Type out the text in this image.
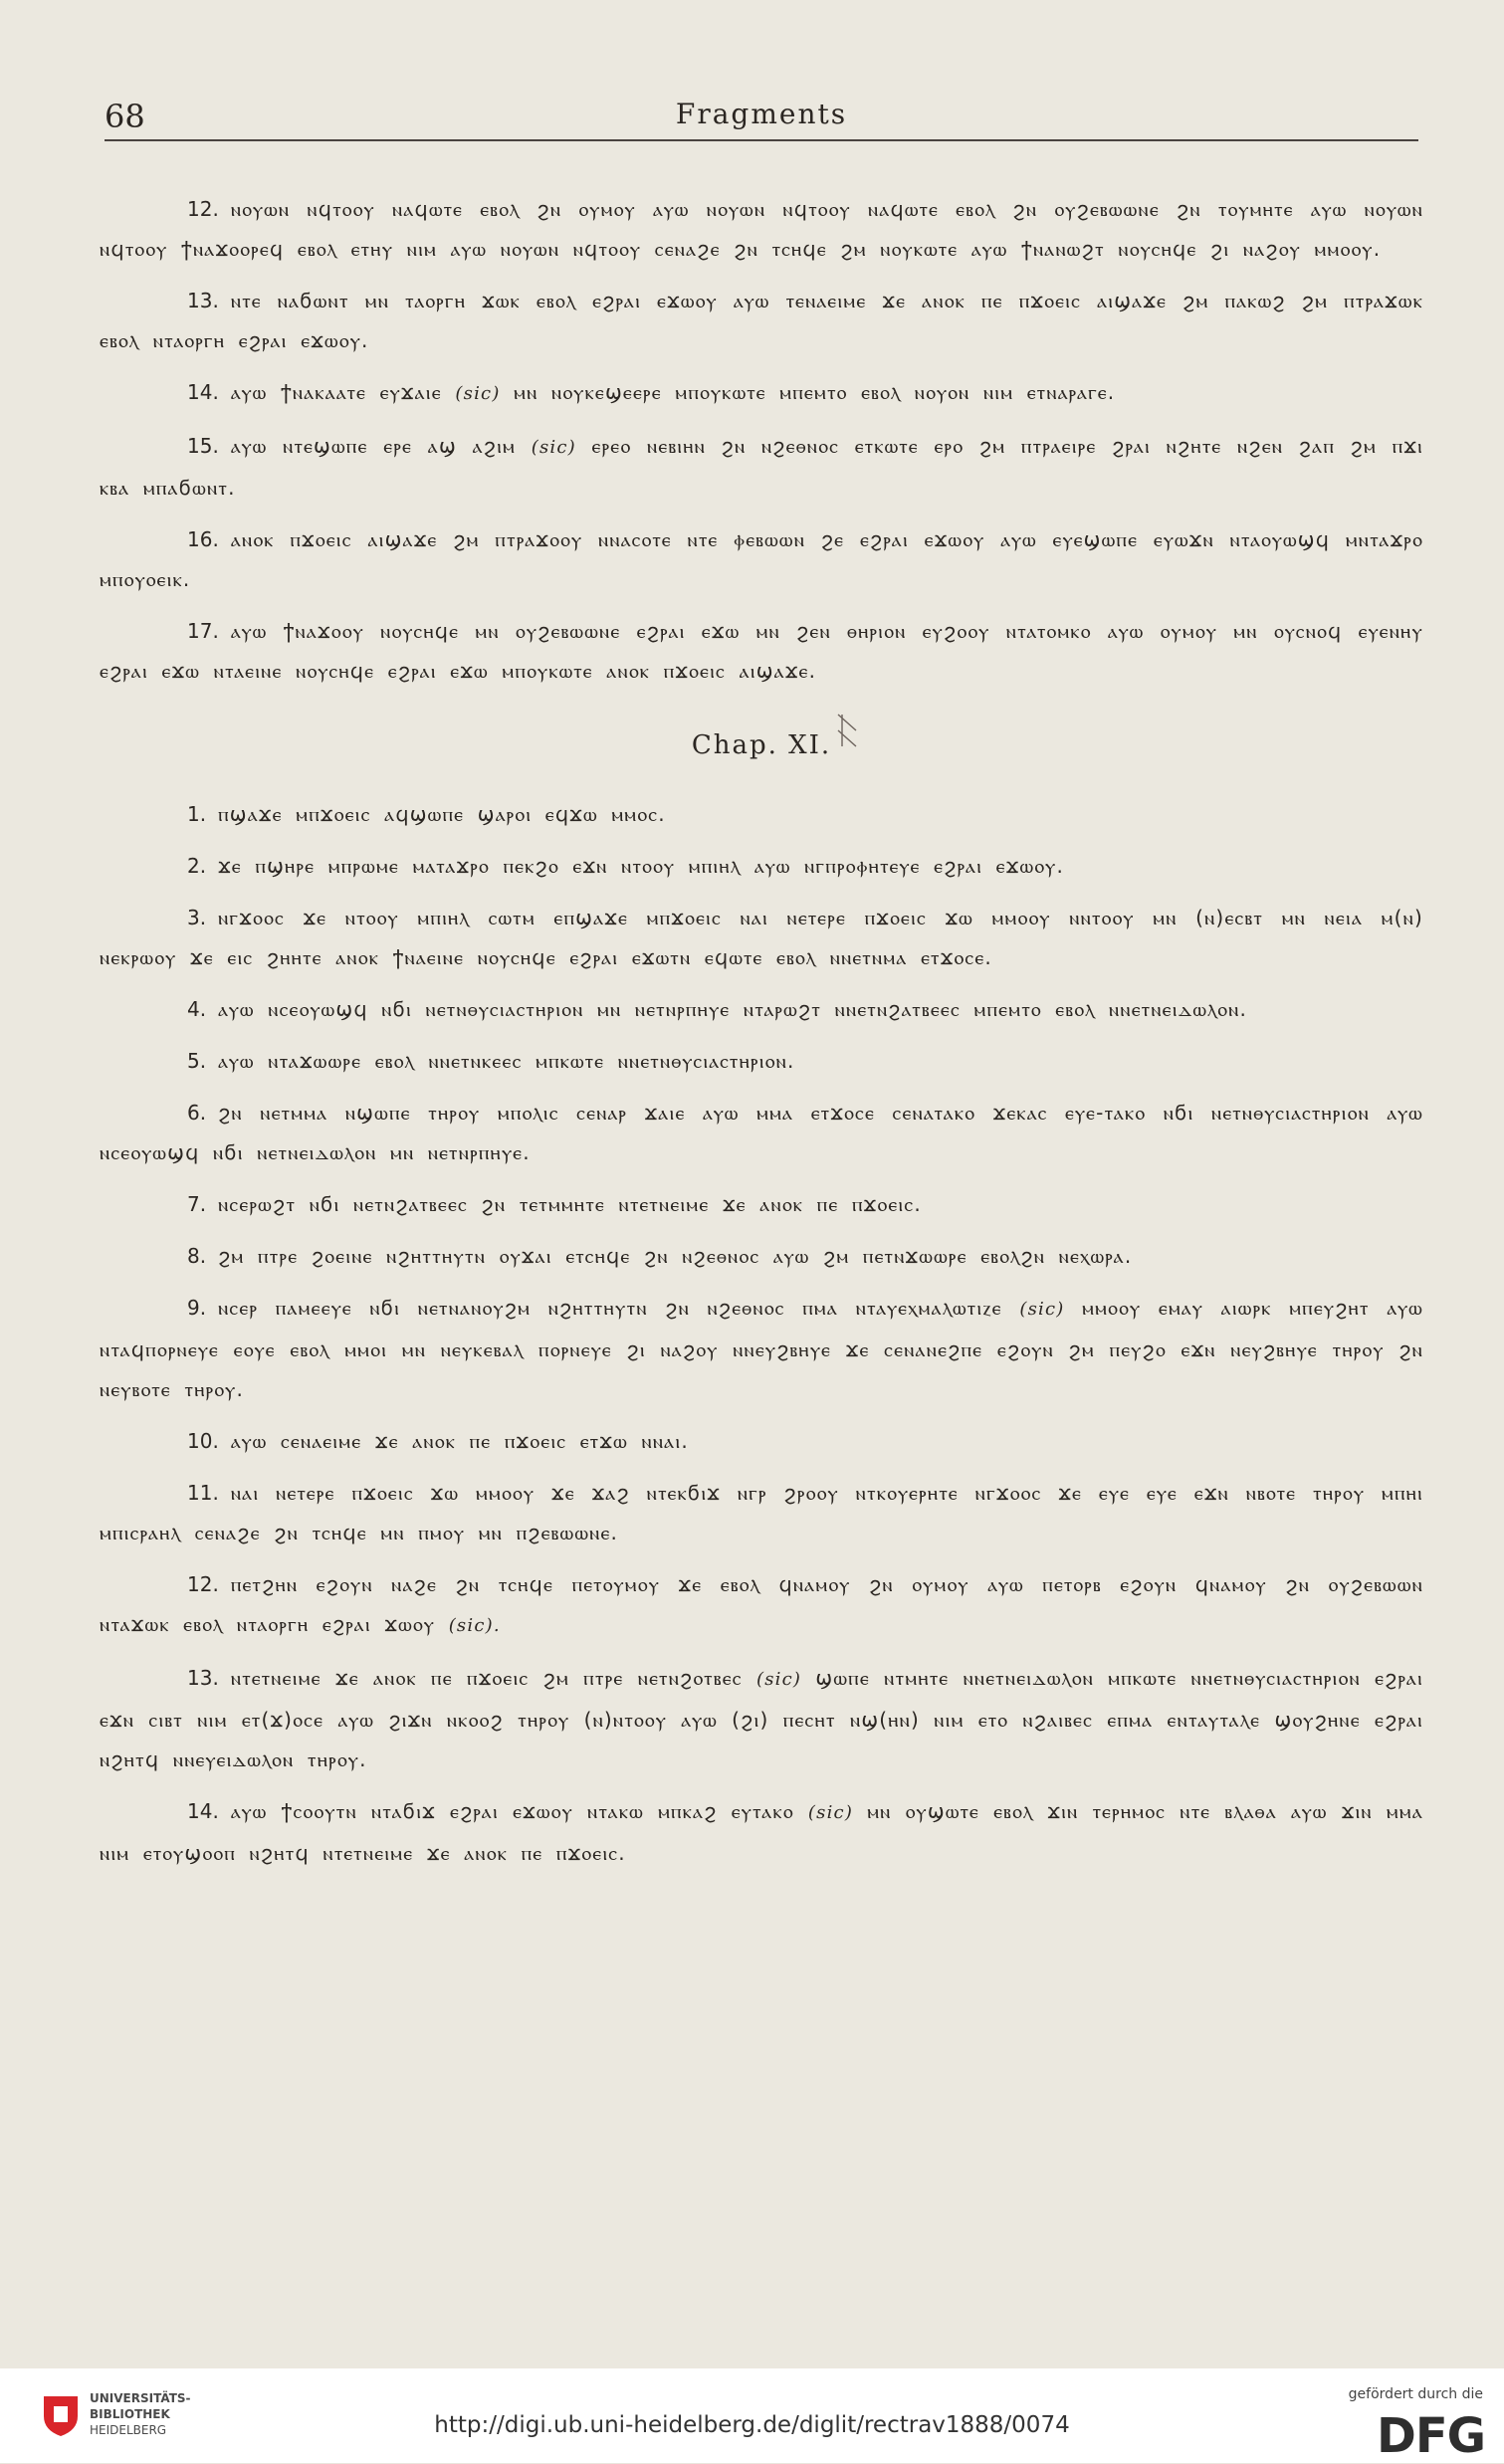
68	Fragments

12. ⲛⲟⲩⲱⲛ ⲛϥⲧⲟⲟⲩ ⲛⲁϥⲱⲧⲉ ⲉⲃⲟⲗ ϩⲛ ⲟⲩⲙⲟⲩ ⲁⲩⲱ ⲛⲟⲩⲱⲛ ⲛϥⲧⲟⲟⲩ ⲛⲁϥⲱⲧⲉ ⲉⲃⲟⲗ ϩⲛ ⲟⲩϩⲉⲃⲱⲱⲛⲉ ϩⲛ ⲧⲟⲩⲙⲏⲧⲉ ⲁⲩⲱ ⲛⲟⲩⲱⲛ ⲛϥⲧⲟⲟⲩ ϯⲛⲁϫⲟⲟⲣⲉϥ ⲉⲃⲟⲗ ⲉⲧⲏⲩ ⲛⲓⲙ ⲁⲩⲱ ⲛⲟⲩⲱⲛ ⲛϥⲧⲟⲟⲩ ⲥⲉⲛⲁϩⲉ ϩⲛ ⲧⲥⲏϥⲉ ϩⲙ ⲛⲟⲩⲕⲱⲧⲉ ⲁⲩⲱ ϯⲛⲁⲛⲱϩⲧ ⲛⲟⲩⲥⲏϥⲉ ϩⲓ ⲛⲁϩⲟⲩ ⲙⲙⲟⲟⲩ.

13. ⲛⲧⲉ ⲛⲁϭⲱⲛⲧ ⲙⲛ ⲧⲁⲟⲣⲅⲏ ϫⲱⲕ ⲉⲃⲟⲗ ⲉϩⲣⲁⲓ ⲉϫⲱⲟⲩ ⲁⲩⲱ ⲧⲉⲛⲁⲉⲓⲙⲉ ϫⲉ ⲁⲛⲟⲕ ⲡⲉ ⲡϫⲟⲉⲓⲥ ⲁⲓϣⲁϫⲉ ϩⲙ ⲡⲁⲕⲱϩ ϩⲙ ⲡⲧⲣⲁϫⲱⲕ ⲉⲃⲟⲗ ⲛⲧⲁⲟⲣⲅⲏ ⲉϩⲣⲁⲓ ⲉϫⲱⲟⲩ.

14. ⲁⲩⲱ ϯⲛⲁⲕⲁⲁⲧⲉ ⲉⲩϫⲁⲓⲉ (sic) ⲙⲛ ⲛⲟⲩⲕⲉϣⲉⲉⲣⲉ ⲙⲡⲟⲩⲕⲱⲧⲉ ⲙⲡⲉⲙⲧⲟ ⲉⲃⲟⲗ ⲛⲟⲩⲟⲛ ⲛⲓⲙ ⲉⲧⲛⲁⲣⲁⲅⲉ.

15. ⲁⲩⲱ ⲛⲧⲉϣⲱⲡⲉ ⲉⲣⲉ ⲁϣ ⲁϩⲓⲙ (sic) ⲉⲣⲉⲟ ⲛⲉⲃⲓⲏⲛ ϩⲛ ⲛϩⲉⲑⲛⲟⲥ ⲉⲧⲕⲱⲧⲉ ⲉⲣⲟ ϩⲙ ⲡⲧⲣⲁⲉⲓⲣⲉ ϩⲣⲁⲓ ⲛϩⲏⲧⲉ ⲛϩⲉⲛ ϩⲁⲡ ϩⲙ ⲡϫⲓ ⲕⲃⲁ ⲙⲡⲁϭⲱⲛⲧ.

16. ⲁⲛⲟⲕ ⲡϫⲟⲉⲓⲥ ⲁⲓϣⲁϫⲉ ϩⲙ ⲡⲧⲣⲁϫⲟⲟⲩ ⲛⲛⲁⲥⲟⲧⲉ ⲛⲧⲉ ⲫⲉⲃⲱⲱⲛ ϩⲉ ⲉϩⲣⲁⲓ ⲉϫⲱⲟⲩ ⲁⲩⲱ ⲉⲩⲉϣⲱⲡⲉ ⲉⲩⲱϫⲛ ⲛⲧⲁⲟⲩⲱϣϥ ⲙⲛⲧⲁϫⲣⲟ ⲙⲡⲟⲩⲟⲉⲓⲕ.

17. ⲁⲩⲱ ϯⲛⲁϫⲟⲟⲩ ⲛⲟⲩⲥⲏϥⲉ ⲙⲛ ⲟⲩϩⲉⲃⲱⲱⲛⲉ ⲉϩⲣⲁⲓ ⲉϫⲱ ⲙⲛ ϩⲉⲛ ⲑⲏⲣⲓⲟⲛ ⲉⲩϩⲟⲟⲩ ⲛⲧⲁⲧⲟⲙⲕⲟ ⲁⲩⲱ ⲟⲩⲙⲟⲩ ⲙⲛ ⲟⲩⲥⲛⲟϥ ⲉⲩⲉⲛⲏⲩ ⲉϩⲣⲁⲓ ⲉϫⲱ ⲛⲧⲁⲉⲓⲛⲉ ⲛⲟⲩⲥⲏϥⲉ ⲉϩⲣⲁⲓ ⲉϫⲱ ⲙⲡⲟⲩⲕⲱⲧⲉ ⲁⲛⲟⲕ ⲡϫⲟⲉⲓⲥ ⲁⲓϣⲁϫⲉ.

Chap. XI.

1. ⲡϣⲁϫⲉ ⲙⲡϫⲟⲉⲓⲥ ⲁϥϣⲱⲡⲉ ϣⲁⲣⲟⲓ ⲉϥϫⲱ ⲙⲙⲟⲥ.

2. ϫⲉ ⲡϣⲏⲣⲉ ⲙⲡⲣⲱⲙⲉ ⲙⲁⲧⲁϫⲣⲟ ⲡⲉⲕϩⲟ ⲉϫⲛ ⲛⲧⲟⲟⲩ ⲙⲡⲓⲏⲗ ⲁⲩⲱ ⲛⲅⲡⲣⲟⲫⲏⲧⲉⲩⲉ ⲉϩⲣⲁⲓ ⲉϫⲱⲟⲩ.

3. ⲛⲅϫⲟⲟⲥ ϫⲉ ⲛⲧⲟⲟⲩ ⲙⲡⲓⲏⲗ ⲥⲱⲧⲙ ⲉⲡϣⲁϫⲉ ⲙⲡϫⲟⲉⲓⲥ ⲛⲁⲓ ⲛⲉⲧⲉⲣⲉ ⲡϫⲟⲉⲓⲥ ϫⲱ ⲙⲙⲟⲟⲩ ⲛⲛⲧⲟⲟⲩ ⲙⲛ (ⲛ)ⲉⲥⲃⲧ ⲙⲛ ⲛⲉⲓⲁ ⲙ(ⲛ) ⲛⲉⲕⲣⲱⲟⲩ ϫⲉ ⲉⲓⲥ ϩⲏⲏⲧⲉ ⲁⲛⲟⲕ ϯⲛⲁⲉⲓⲛⲉ ⲛⲟⲩⲥⲏϥⲉ ⲉϩⲣⲁⲓ ⲉϫⲱⲧⲛ ⲉϥⲱⲧⲉ ⲉⲃⲟⲗ ⲛⲛⲉⲧⲛⲙⲁ ⲉⲧϫⲟⲥⲉ.

4. ⲁⲩⲱ ⲛⲥⲉⲟⲩⲱϣϥ ⲛϭⲓ ⲛⲉⲧⲛⲑⲩⲥⲓⲁⲥⲧⲏⲣⲓⲟⲛ ⲙⲛ ⲛⲉⲧⲛⲣⲡⲏⲩⲉ ⲛⲧⲁⲣⲱϩⲧ ⲛⲛⲉⲧⲛϩⲁⲧⲃⲉⲉⲥ ⲙⲡⲉⲙⲧⲟ ⲉⲃⲟⲗ ⲛⲛⲉⲧⲛⲉⲓⲇⲱⲗⲟⲛ.

5. ⲁⲩⲱ ⲛⲧⲁϫⲱⲱⲣⲉ ⲉⲃⲟⲗ ⲛⲛⲉⲧⲛⲕⲉⲉⲥ ⲙⲡⲕⲱⲧⲉ ⲛⲛⲉⲧⲛⲑⲩⲥⲓⲁⲥⲧⲏⲣⲓⲟⲛ.

6. ϩⲛ ⲛⲉⲧⲙⲙⲁ ⲛϣⲱⲡⲉ ⲧⲏⲣⲟⲩ ⲙⲡⲟⲗⲓⲥ ⲥⲉⲛⲁⲣ ϫⲁⲓⲉ ⲁⲩⲱ ⲙⲙⲁ ⲉⲧϫⲟⲥⲉ ⲥⲉⲛⲁⲧⲁⲕⲟ ϫⲉⲕⲁⲥ ⲉⲩⲉ-ⲧⲁⲕⲟ ⲛϭⲓ ⲛⲉⲧⲛⲑⲩⲥⲓⲁⲥⲧⲏⲣⲓⲟⲛ ⲁⲩⲱ ⲛⲥⲉⲟⲩⲱϣϥ ⲛϭⲓ ⲛⲉⲧⲛⲉⲓⲇⲱⲗⲟⲛ ⲙⲛ ⲛⲉⲧⲛⲣⲡⲏⲩⲉ.

7. ⲛⲥⲉⲣⲱϩⲧ ⲛϭⲓ ⲛⲉⲧⲛϩⲁⲧⲃⲉⲉⲥ ϩⲛ ⲧⲉⲧⲙⲙⲏⲧⲉ ⲛⲧⲉⲧⲛⲉⲓⲙⲉ ϫⲉ ⲁⲛⲟⲕ ⲡⲉ ⲡϫⲟⲉⲓⲥ.

8. ϩⲙ ⲡⲧⲣⲉ ϩⲟⲉⲓⲛⲉ ⲛϩⲏⲧⲧⲏⲩⲧⲛ ⲟⲩϫⲁⲓ ⲉⲧⲥⲏϥⲉ ϩⲛ ⲛϩⲉⲑⲛⲟⲥ ⲁⲩⲱ ϩⲙ ⲡⲉⲧⲛϫⲱⲱⲣⲉ ⲉⲃⲟⲗϩⲛ ⲛⲉⲭⲱⲣⲁ.

9. ⲛⲥⲉⲣ ⲡⲁⲙⲉⲉⲩⲉ ⲛϭⲓ ⲛⲉⲧⲛⲁⲛⲟⲩϩⲙ ⲛϩⲏⲧⲧⲏⲩⲧⲛ ϩⲛ ⲛϩⲉⲑⲛⲟⲥ ⲡⲙⲁ ⲛⲧⲁⲩⲉⲭⲙⲁⲗⲱⲧⲓⲍⲉ (sic) ⲙⲙⲟⲟⲩ ⲉⲙⲁⲩ ⲁⲓⲱⲣⲕ ⲙⲡⲉⲩϩⲏⲧ ⲁⲩⲱ ⲛⲧⲁϥⲡⲟⲣⲛⲉⲩⲉ ⲉⲟⲩⲉ ⲉⲃⲟⲗ ⲙⲙⲟⲓ ⲙⲛ ⲛⲉⲩⲕⲉⲃⲁⲗ ⲡⲟⲣⲛⲉⲩⲉ ϩⲓ ⲛⲁϩⲟⲩ ⲛⲛⲉⲩϩⲃⲏⲩⲉ ϫⲉ ⲥⲉⲛⲁⲛⲉϩⲡⲉ ⲉϩⲟⲩⲛ ϩⲙ ⲡⲉⲩϩⲟ ⲉϫⲛ ⲛⲉⲩϩⲃⲏⲩⲉ ⲧⲏⲣⲟⲩ ϩⲛ ⲛⲉⲩⲃⲟⲧⲉ ⲧⲏⲣⲟⲩ.

10. ⲁⲩⲱ ⲥⲉⲛⲁⲉⲓⲙⲉ ϫⲉ ⲁⲛⲟⲕ ⲡⲉ ⲡϫⲟⲉⲓⲥ ⲉⲧϫⲱ ⲛⲛⲁⲓ.

11. ⲛⲁⲓ ⲛⲉⲧⲉⲣⲉ ⲡϫⲟⲉⲓⲥ ϫⲱ ⲙⲙⲟⲟⲩ ϫⲉ ϫⲁϩ ⲛⲧⲉⲕϭⲓϫ ⲛⲅⲣ ϩⲣⲟⲟⲩ ⲛⲧⲕⲟⲩⲉⲣⲏⲧⲉ ⲛⲅϫⲟⲟⲥ ϫⲉ ⲉⲩⲉ ⲉⲩⲉ ⲉϫⲛ ⲛⲃⲟⲧⲉ ⲧⲏⲣⲟⲩ ⲙⲡⲏⲓ ⲙⲡⲓⲥⲣⲁⲏⲗ ⲥⲉⲛⲁϩⲉ ϩⲛ ⲧⲥⲏϥⲉ ⲙⲛ ⲡⲙⲟⲩ ⲙⲛ ⲡϩⲉⲃⲱⲱⲛⲉ.

12. ⲡⲉⲧϩⲏⲛ ⲉϩⲟⲩⲛ ⲛⲁϩⲉ ϩⲛ ⲧⲥⲏϥⲉ ⲡⲉⲧⲟⲩⲙⲟⲩ ϫⲉ ⲉⲃⲟⲗ ϥⲛⲁⲙⲟⲩ ϩⲛ ⲟⲩⲙⲟⲩ ⲁⲩⲱ ⲡⲉⲧⲟⲣⲃ ⲉϩⲟⲩⲛ ϥⲛⲁⲙⲟⲩ ϩⲛ ⲟⲩϩⲉⲃⲱⲱⲛ ⲛⲧⲁϫⲱⲕ ⲉⲃⲟⲗ ⲛⲧⲁⲟⲣⲅⲏ ⲉϩⲣⲁⲓ ϫⲱⲟⲩ (sic).

13. ⲛⲧⲉⲧⲛⲉⲓⲙⲉ ϫⲉ ⲁⲛⲟⲕ ⲡⲉ ⲡϫⲟⲉⲓⲥ ϩⲙ ⲡⲧⲣⲉ ⲛⲉⲧⲛϩⲟⲧⲃⲉⲥ (sic) ϣⲱⲡⲉ ⲛⲧⲙⲏⲧⲉ ⲛⲛⲉⲧⲛⲉⲓⲇⲱⲗⲟⲛ ⲙⲡⲕⲱⲧⲉ ⲛⲛⲉⲧⲛⲑⲩⲥⲓⲁⲥⲧⲏⲣⲓⲟⲛ ⲉϩⲣⲁⲓ ⲉϫⲛ ⲥⲓⲃⲧ ⲛⲓⲙ ⲉⲧ(ϫ)ⲟⲥⲉ ⲁⲩⲱ ϩⲓϫⲛ ⲛⲕⲟⲟϩ ⲧⲏⲣⲟⲩ (ⲛ)ⲛⲧⲟⲟⲩ ⲁⲩⲱ (ϩⲓ) ⲡⲉⲥⲏⲧ ⲛϣ(ⲏⲛ) ⲛⲓⲙ ⲉⲧⲟ ⲛϩⲁⲓⲃⲉⲥ ⲉⲡⲙⲁ ⲉⲛⲧⲁⲩⲧⲁⲗⲉ ϣⲟⲩϩⲏⲛⲉ ⲉϩⲣⲁⲓ ⲛϩⲏⲧϥ ⲛⲛⲉⲩⲉⲓⲇⲱⲗⲟⲛ ⲧⲏⲣⲟⲩ.

14. ⲁⲩⲱ ϯⲥⲟⲟⲩⲧⲛ ⲛⲧⲁϭⲓϫ ⲉϩⲣⲁⲓ ⲉϫⲱⲟⲩ ⲛⲧⲁⲕⲱ ⲙⲡⲕⲁϩ ⲉⲩⲧⲁⲕⲟ (sic) ⲙⲛ ⲟⲩϣⲱⲧⲉ ⲉⲃⲟⲗ ϫⲓⲛ ⲧⲉⲣⲏⲙⲟⲥ ⲛⲧⲉ ⲃⲗⲁⲑⲁ ⲁⲩⲱ ϫⲓⲛ ⲙⲙⲁ ⲛⲓⲙ ⲉⲧⲟⲩϣⲟⲟⲡ ⲛϩⲏⲧϥ ⲛⲧⲉⲧⲛⲉⲓⲙⲉ ϫⲉ ⲁⲛⲟⲕ ⲡⲉ ⲡϫⲟⲉⲓⲥ.

UNIVERSITÄTS-
BIBLIOTHEK
HEIDELBERG	http://digi.ub.uni-heidelberg.de/diglit/rectrav1888/0074
gefördert durch die
DFG
